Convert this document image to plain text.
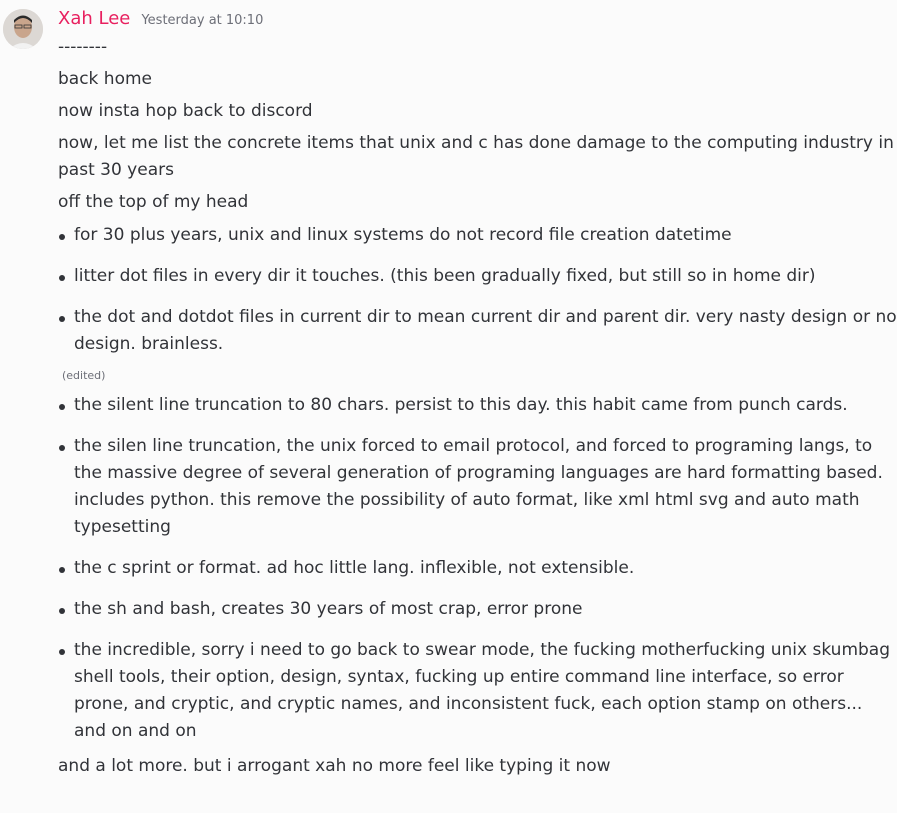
Xah Lee Yesterday at 10:10
--------
back home
now insta hop back to discord
now, let me list the concrete items that unix and c has done damage to the computing industry in past 30 years
off the top of my head
for 30 plus years, unix and linux systems do not record file creation datetime
litter dot files in every dir it touches. (this been gradually fixed, but still so in home dir)
the dot and dotdot files in current dir to mean current dir and parent dir. very nasty design or no design. brainless.
(edited)
the silent line truncation to 80 chars. persist to this day. this habit came from punch cards.
the silen line truncation, the unix forced to email protocol, and forced to programing langs, to the massive degree of several generation of programing languages are hard formatting based. includes python. this remove the possibility of auto format, like xml html svg and auto math typesetting
the c sprint or format. ad hoc little lang. inflexible, not extensible.
the sh and bash, creates 30 years of most crap, error prone
the incredible, sorry i need to go back to swear mode, the fucking motherfucking unix skumbag shell tools, their option, design, syntax, fucking up entire command line interface, so error prone, and cryptic, and cryptic names, and inconsistent fuck, each option stamp on others... and on and on
and a lot more. but i arrogant xah no more feel like typing it now
